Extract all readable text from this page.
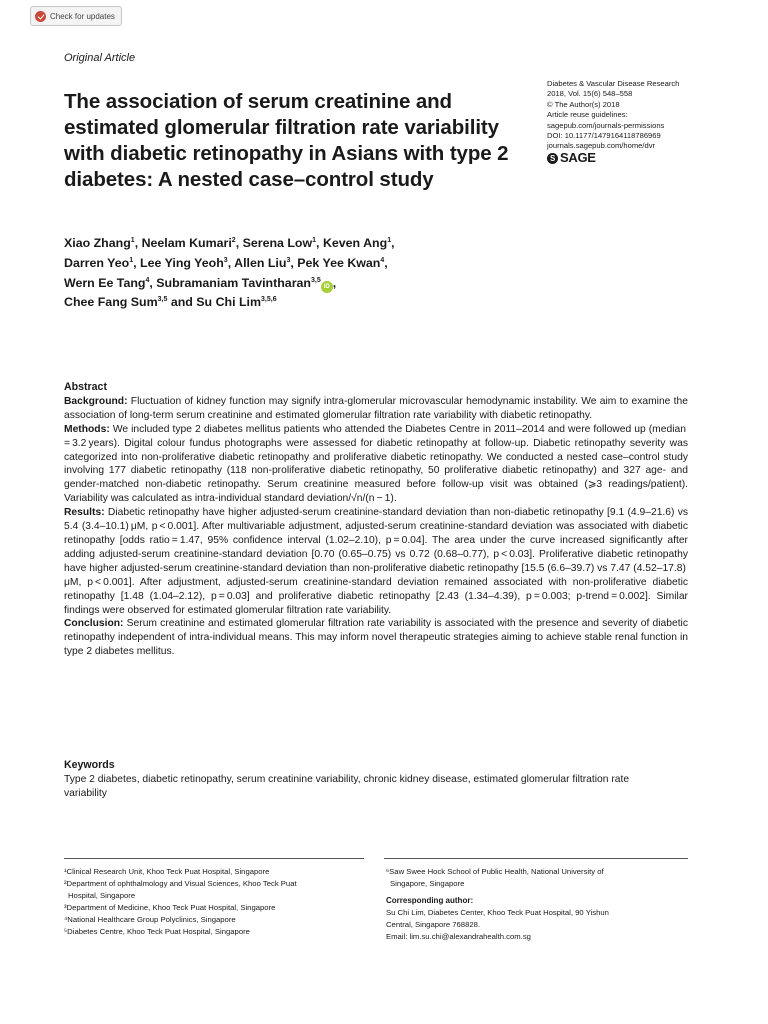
Check for updates
Original Article
The association of serum creatinine and estimated glomerular filtration rate variability with diabetic retinopathy in Asians with type 2 diabetes: A nested case–control study
Diabetes & Vascular Disease Research
2018, Vol. 15(6) 548–558
© The Author(s) 2018
Article reuse guidelines:
sagepub.com/journals-permissions
DOI: 10.1177/1479164118786969
journals.sagepub.com/home/dvr
S SAGE
Xiao Zhang$^1$, Neelam Kumari$^2$, Serena Low$^1$, Keven Ang$^1$,
Darren Yeo$^1$, Lee Ying Yeoh$^3$, Allen Liu$^3$, Pek Yee Kwan$^4$,
Wern Ee Tang$^4$, Subramaniam Tavintharan$^{3,5}$iD ,
Chee Fang Sum$^{3,5}$ and Su Chi Lim$^{3,5,6}$

Abstract

Background: Fluctuation of kidney function may signify intra-glomerular microvascular hemodynamic instability. We aim to examine the association of long-term serum creatinine and estimated glomerular filtration rate variability with diabetic retinopathy.

Methods: We included type 2 diabetes mellitus patients who attended the Diabetes Centre in 2011–2014 and were followed up (median = 3.2 years). Digital colour fundus photographs were assessed for diabetic retinopathy at follow-up. Diabetic retinopathy severity was categorized into non-proliferative diabetic retinopathy and proliferative diabetic retinopathy. We conducted a nested case–control study involving 177 diabetic retinopathy (118 non-proliferative diabetic retinopathy, 50 proliferative diabetic retinopathy) and 327 age- and gender-matched non-diabetic retinopathy. Serum creatinine measured before follow-up visit was obtained (⩾3 readings/patient). Variability was calculated as intra-individual standard deviation/√n/(n − 1).

Results: Diabetic retinopathy have higher adjusted-serum creatinine-standard deviation than non-diabetic retinopathy [9.1 (4.9–21.6) vs 5.4 (3.4–10.1) μM, p < 0.001]. After multivariable adjustment, adjusted-serum creatinine-standard deviation was associated with diabetic retinopathy [odds ratio = 1.47, 95% confidence interval (1.02–2.10), p = 0.04]. The area under the curve increased significantly after adding adjusted-serum creatinine-standard deviation [0.70 (0.65–0.75) vs 0.72 (0.68–0.77), p < 0.03]. Proliferative diabetic retinopathy have higher adjusted-serum creatinine-standard deviation than non-proliferative diabetic retinopathy [15.5 (6.6–39.7) vs 7.47 (4.52–17.8) μM, p < 0.001]. After adjustment, adjusted-serum creatinine-standard deviation remained associated with non-proliferative diabetic retinopathy [1.48 (1.04–2.12), p = 0.03] and proliferative diabetic retinopathy [2.43 (1.34–4.39), p = 0.003; p-trend = 0.002]. Similar findings were observed for estimated glomerular filtration rate variability.

Conclusion: Serum creatinine and estimated glomerular filtration rate variability is associated with the presence and severity of diabetic retinopathy independent of intra-individual means. This may inform novel therapeutic strategies aiming to achieve stable renal function in type 2 diabetes mellitus.

Keywords
Type 2 diabetes, diabetic retinopathy, serum creatinine variability, chronic kidney disease, estimated glomerular filtration rate variability
¹Clinical Research Unit, Khoo Teck Puat Hospital, Singapore
²Department of ophthalmology and Visual Sciences, Khoo Teck Puat
Hospital, Singapore
³Department of Medicine, Khoo Teck Puat Hospital, Singapore
⁴National Healthcare Group Polyclinics, Singapore
⁵Diabetes Centre, Khoo Teck Puat Hospital, Singapore
⁶Saw Swee Hock School of Public Health, National University of
Singapore, Singapore
Corresponding author:
Su Chi Lim, Diabetes Center, Khoo Teck Puat Hospital, 90 Yishun
Central, Singapore 768828.
Email: lim.su.chi@alexandrahealth.com.sg
